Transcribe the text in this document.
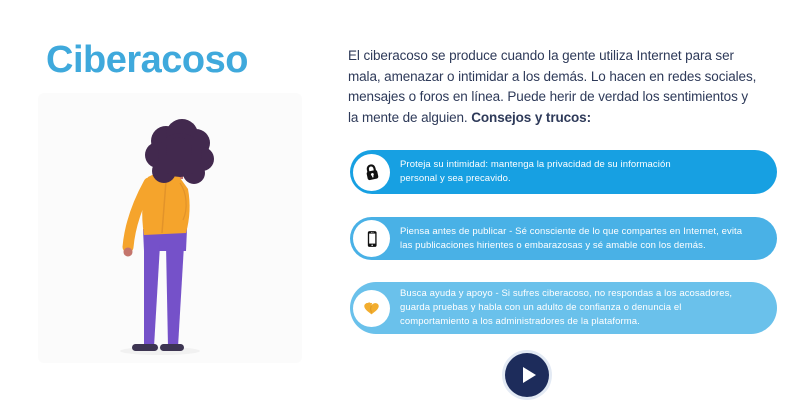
Ciberacoso	El ciberacoso se produce cuando la gente utiliza Internet para ser
mala, amenazar o intimidar a los demás. Lo hacen en redes sociales,
mensajes o foros en línea. Puede herir de verdad los sentimientos y
la mente de alguien. Consejos y trucos:
Proteja su intimidad: mantenga la privacidad de su información
personal y sea precavido.
Piensa antes de publicar - Sé consciente de lo que compartes en Internet, evita
las publicaciones hirientes o embarazosas y sé amable con los demás.
Busca ayuda y apoyo - Si sufres ciberacoso, no respondas a los acosadores,
guarda pruebas y habla con un adulto de confianza o denuncia el
comportamiento a los administradores de la plataforma.
